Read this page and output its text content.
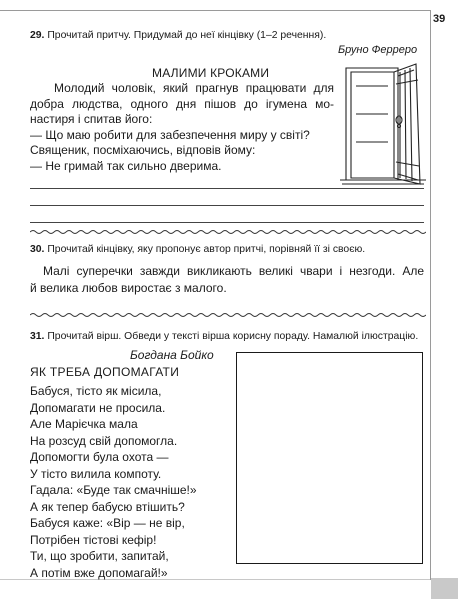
39
29. Прочитай притчу. Придумай до неї кінцівку (1–2 речення).
Бруно Ферреро
МАЛИМИ КРОКАМИ
Молодий чоловік, який прагнув працювати для
добра людства, одного дня пішов до ігумена мо-
настиря і спитав його:
— Що маю робити для забезпечення миру у світі?
Священик, посміхаючись, відповів йому:
— Не гримай так сильно дверима.
30. Прочитай кінцівку, яку пропонує автор притчі, порівняй її зі своєю.
Малі суперечки завжди викликають великі чвари і незгоди. Але
й велика любов виростає з малого.
31. Прочитай вірш. Обведи у тексті вірша корисну пораду. Намалюй ілюстрацію.
Богдана Бойко
ЯК ТРЕБА ДОПОМАГАТИ
Бабуся, тісто як місила,
Допомагати не просила.
Але Марієчка мала
На розсуд свій допомогла.
Допомогти була охота —
У тісто вилила компоту.
Гадала: «Буде так смачніше!»
А як тепер бабусю втішить?
Бабуся каже: «Вір — не вір,
Потрібен тістові кефір!
Ти, що зробити, запитай,
А потім вже допомагай!»
